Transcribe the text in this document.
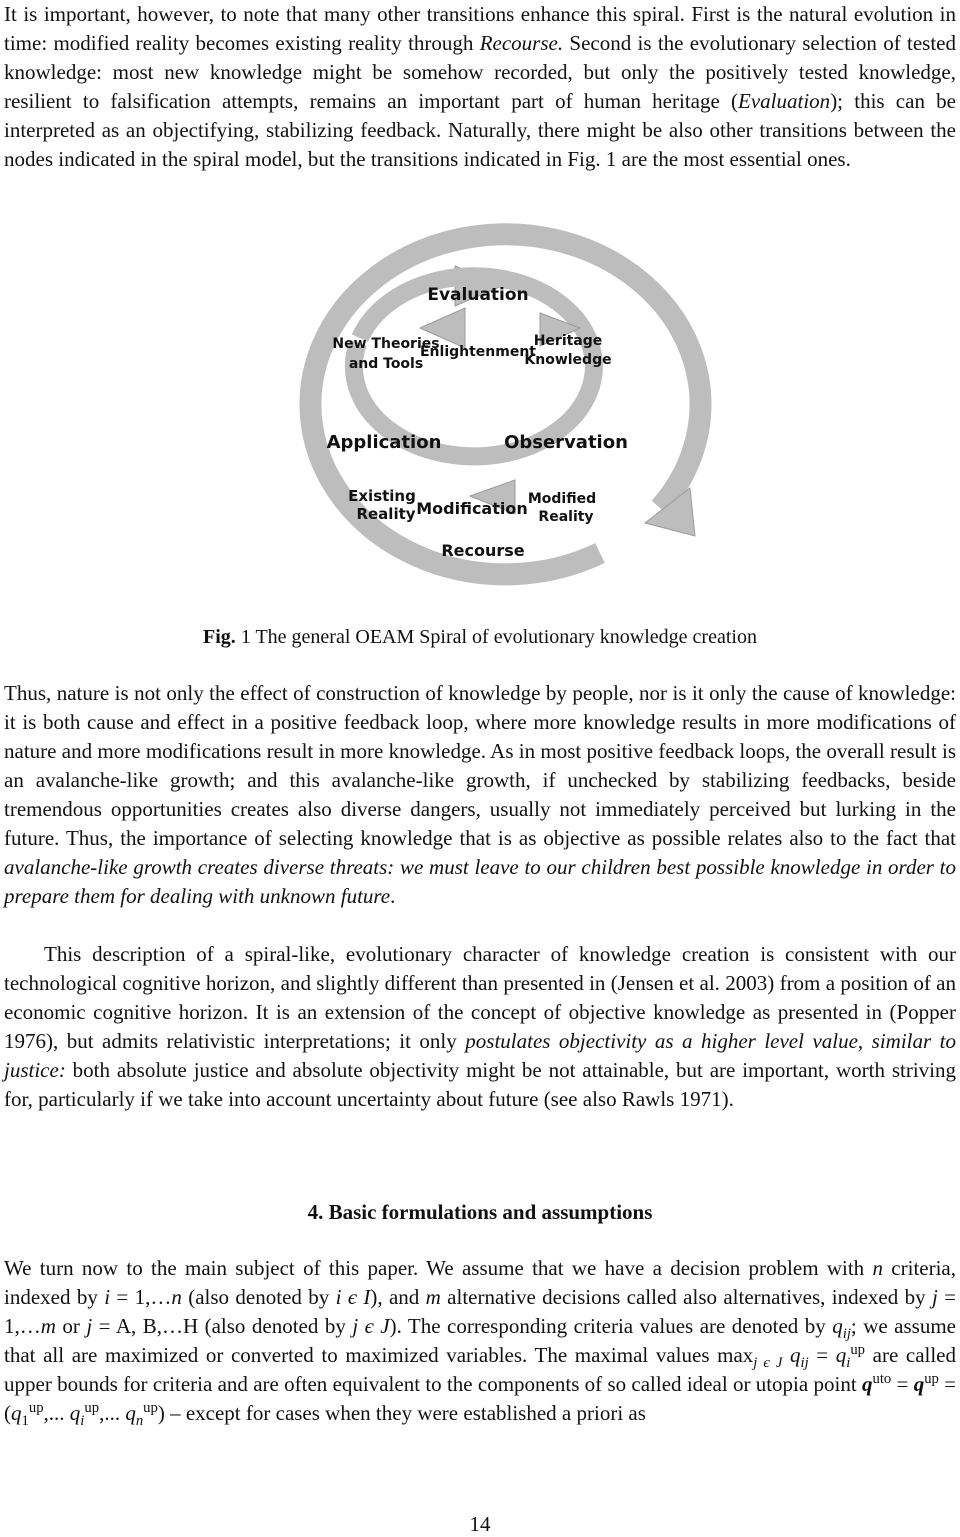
It is important, however, to note that many other transitions enhance this spiral. First is the natural evolution in time: modified reality becomes existing reality through Recourse. Second is the evolutionary selection of tested knowledge: most new knowledge might be somehow recorded, but only the positively tested knowledge, resilient to falsification attempts, remains an important part of human heritage (Evaluation); this can be interpreted as an objectifying, stabilizing feedback. Naturally, there might be also other transitions between the nodes indicated in the spiral model, but the transitions indicated in Fig. 1 are the most essential ones.

Evaluation
New Theories
and Tools
Enlightenment
Heritage
Knowledge
Application	Observation
Existing
Reality Modification Modified
Reality
Recourse
Fig. 1 The general OEAM Spiral of evolutionary knowledge creation

Thus, nature is not only the effect of construction of knowledge by people, nor is it only the cause of knowledge: it is both cause and effect in a positive feedback loop, where more knowledge results in more modifications of nature and more modifications result in more knowledge. As in most positive feedback loops, the overall result is an avalanche-like growth; and this avalanche-like growth, if unchecked by stabilizing feedbacks, beside tremendous opportunities creates also diverse dangers, usually not immediately perceived but lurking in the future. Thus, the importance of selecting knowledge that is as objective as possible relates also to the fact that avalanche-like growth creates diverse threats: we must leave to our children best possible knowledge in order to prepare them for dealing with unknown future.

This description of a spiral-like, evolutionary character of knowledge creation is consistent with our technological cognitive horizon, and slightly different than presented in (Jensen et al. 2003) from a position of an economic cognitive horizon. It is an extension of the concept of objective knowledge as presented in (Popper 1976), but admits relativistic interpretations; it only postulates objectivity as a higher level value, similar to justice: both absolute justice and absolute objectivity might be not attainable, but are important, worth striving for, particularly if we take into account uncertainty about future (see also Rawls 1971).

4. Basic formulations and assumptions

We turn now to the main subject of this paper. We assume that we have a decision problem with n criteria, indexed by i = 1,…n (also denoted by i є I), and m alternative decisions called also alternatives, indexed by j = 1,…m or j = A, B,…H (also denoted by j є J). The corresponding criteria values are denoted by $q_{ij}$; we assume that all are maximized or converted to maximized variables. The maximal values $\max_{j є J} q_{ij} = q_i^{up}$ are called upper bounds for criteria and are often equivalent to the components of so called ideal or utopia point $q^{uto} = q^{up} = (q_1^{up}$,... $q_i^{up}$,... $q_n^{up}$) – except for cases when they were established a priori as

14
